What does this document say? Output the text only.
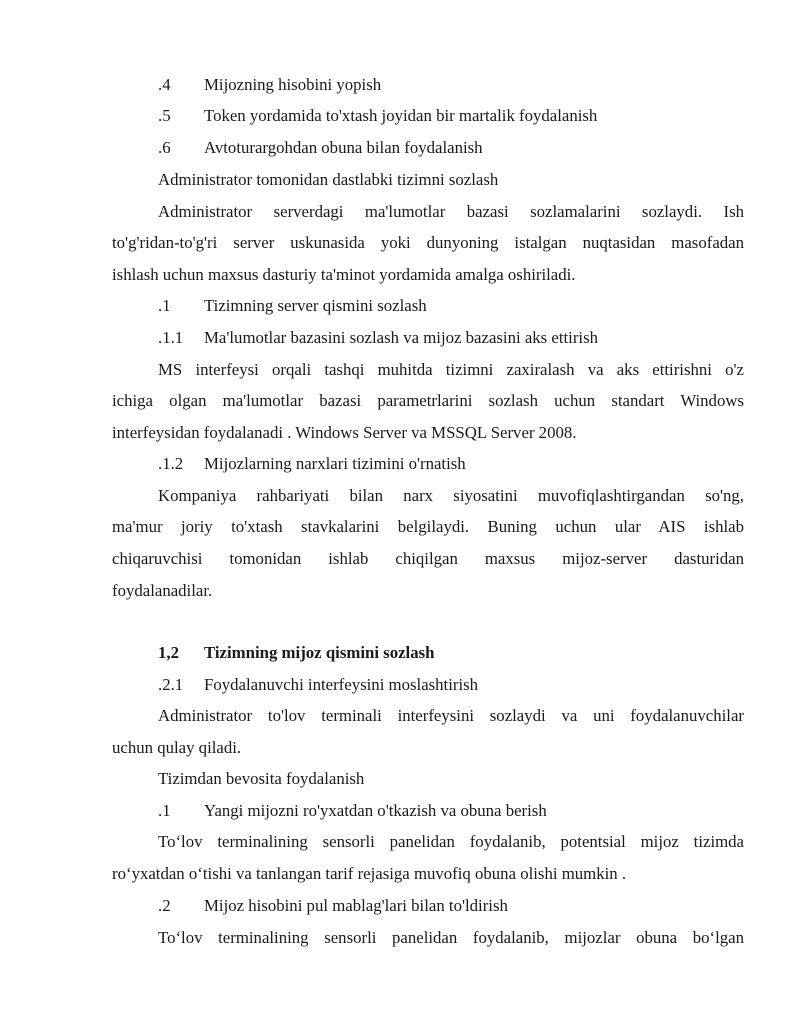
.4 Mijozning hisobini yopish
.5 Token yordamida to'xtash joyidan bir martalik foydalanish
.6 Avtoturargohdan obuna bilan foydalanish
Administrator tomonidan dastlabki tizimni sozlash
Administrator serverdagi ma'lumotlar bazasi sozlamalarini sozlaydi. Ish
to'g'ridan-to'g'ri server uskunasida yoki dunyoning istalgan nuqtasidan masofadan
ishlash uchun maxsus dasturiy ta'minot yordamida amalga oshiriladi.
.1 Tizimning server qismini sozlash
.1.1 Ma'lumotlar bazasini sozlash va mijoz bazasini aks ettirish
MS interfeysi orqali tashqi muhitda tizimni zaxiralash va aks ettirishni o'z
ichiga olgan ma'lumotlar bazasi parametrlarini sozlash uchun standart Windows
interfeysidan foydalanadi . Windows Server va MSSQL Server 2008.
.1.2 Mijozlarning narxlari tizimini o'rnatish
Kompaniya rahbariyati bilan narx siyosatini muvofiqlashtirgandan so'ng,
ma'mur joriy to'xtash stavkalarini belgilaydi. Buning uchun ular AIS ishlab
chiqaruvchisi tomonidan ishlab chiqilgan maxsus mijoz-server dasturidan
foydalanadilar.
1,2 Tizimning mijoz qismini sozlash
.2.1 Foydalanuvchi interfeysini moslashtirish
Administrator to'lov terminali interfeysini sozlaydi va uni foydalanuvchilar
uchun qulay qiladi.
Tizimdan bevosita foydalanish
.1 Yangi mijozni ro'yxatdan o'tkazish va obuna berish
To‘lov terminalining sensorli panelidan foydalanib, potentsial mijoz tizimda
ro‘yxatdan o‘tishi va tanlangan tarif rejasiga muvofiq obuna olishi mumkin .
.2 Mijoz hisobini pul mablag'lari bilan to'ldirish
To‘lov terminalining sensorli panelidan foydalanib, mijozlar obuna bo‘lgan
